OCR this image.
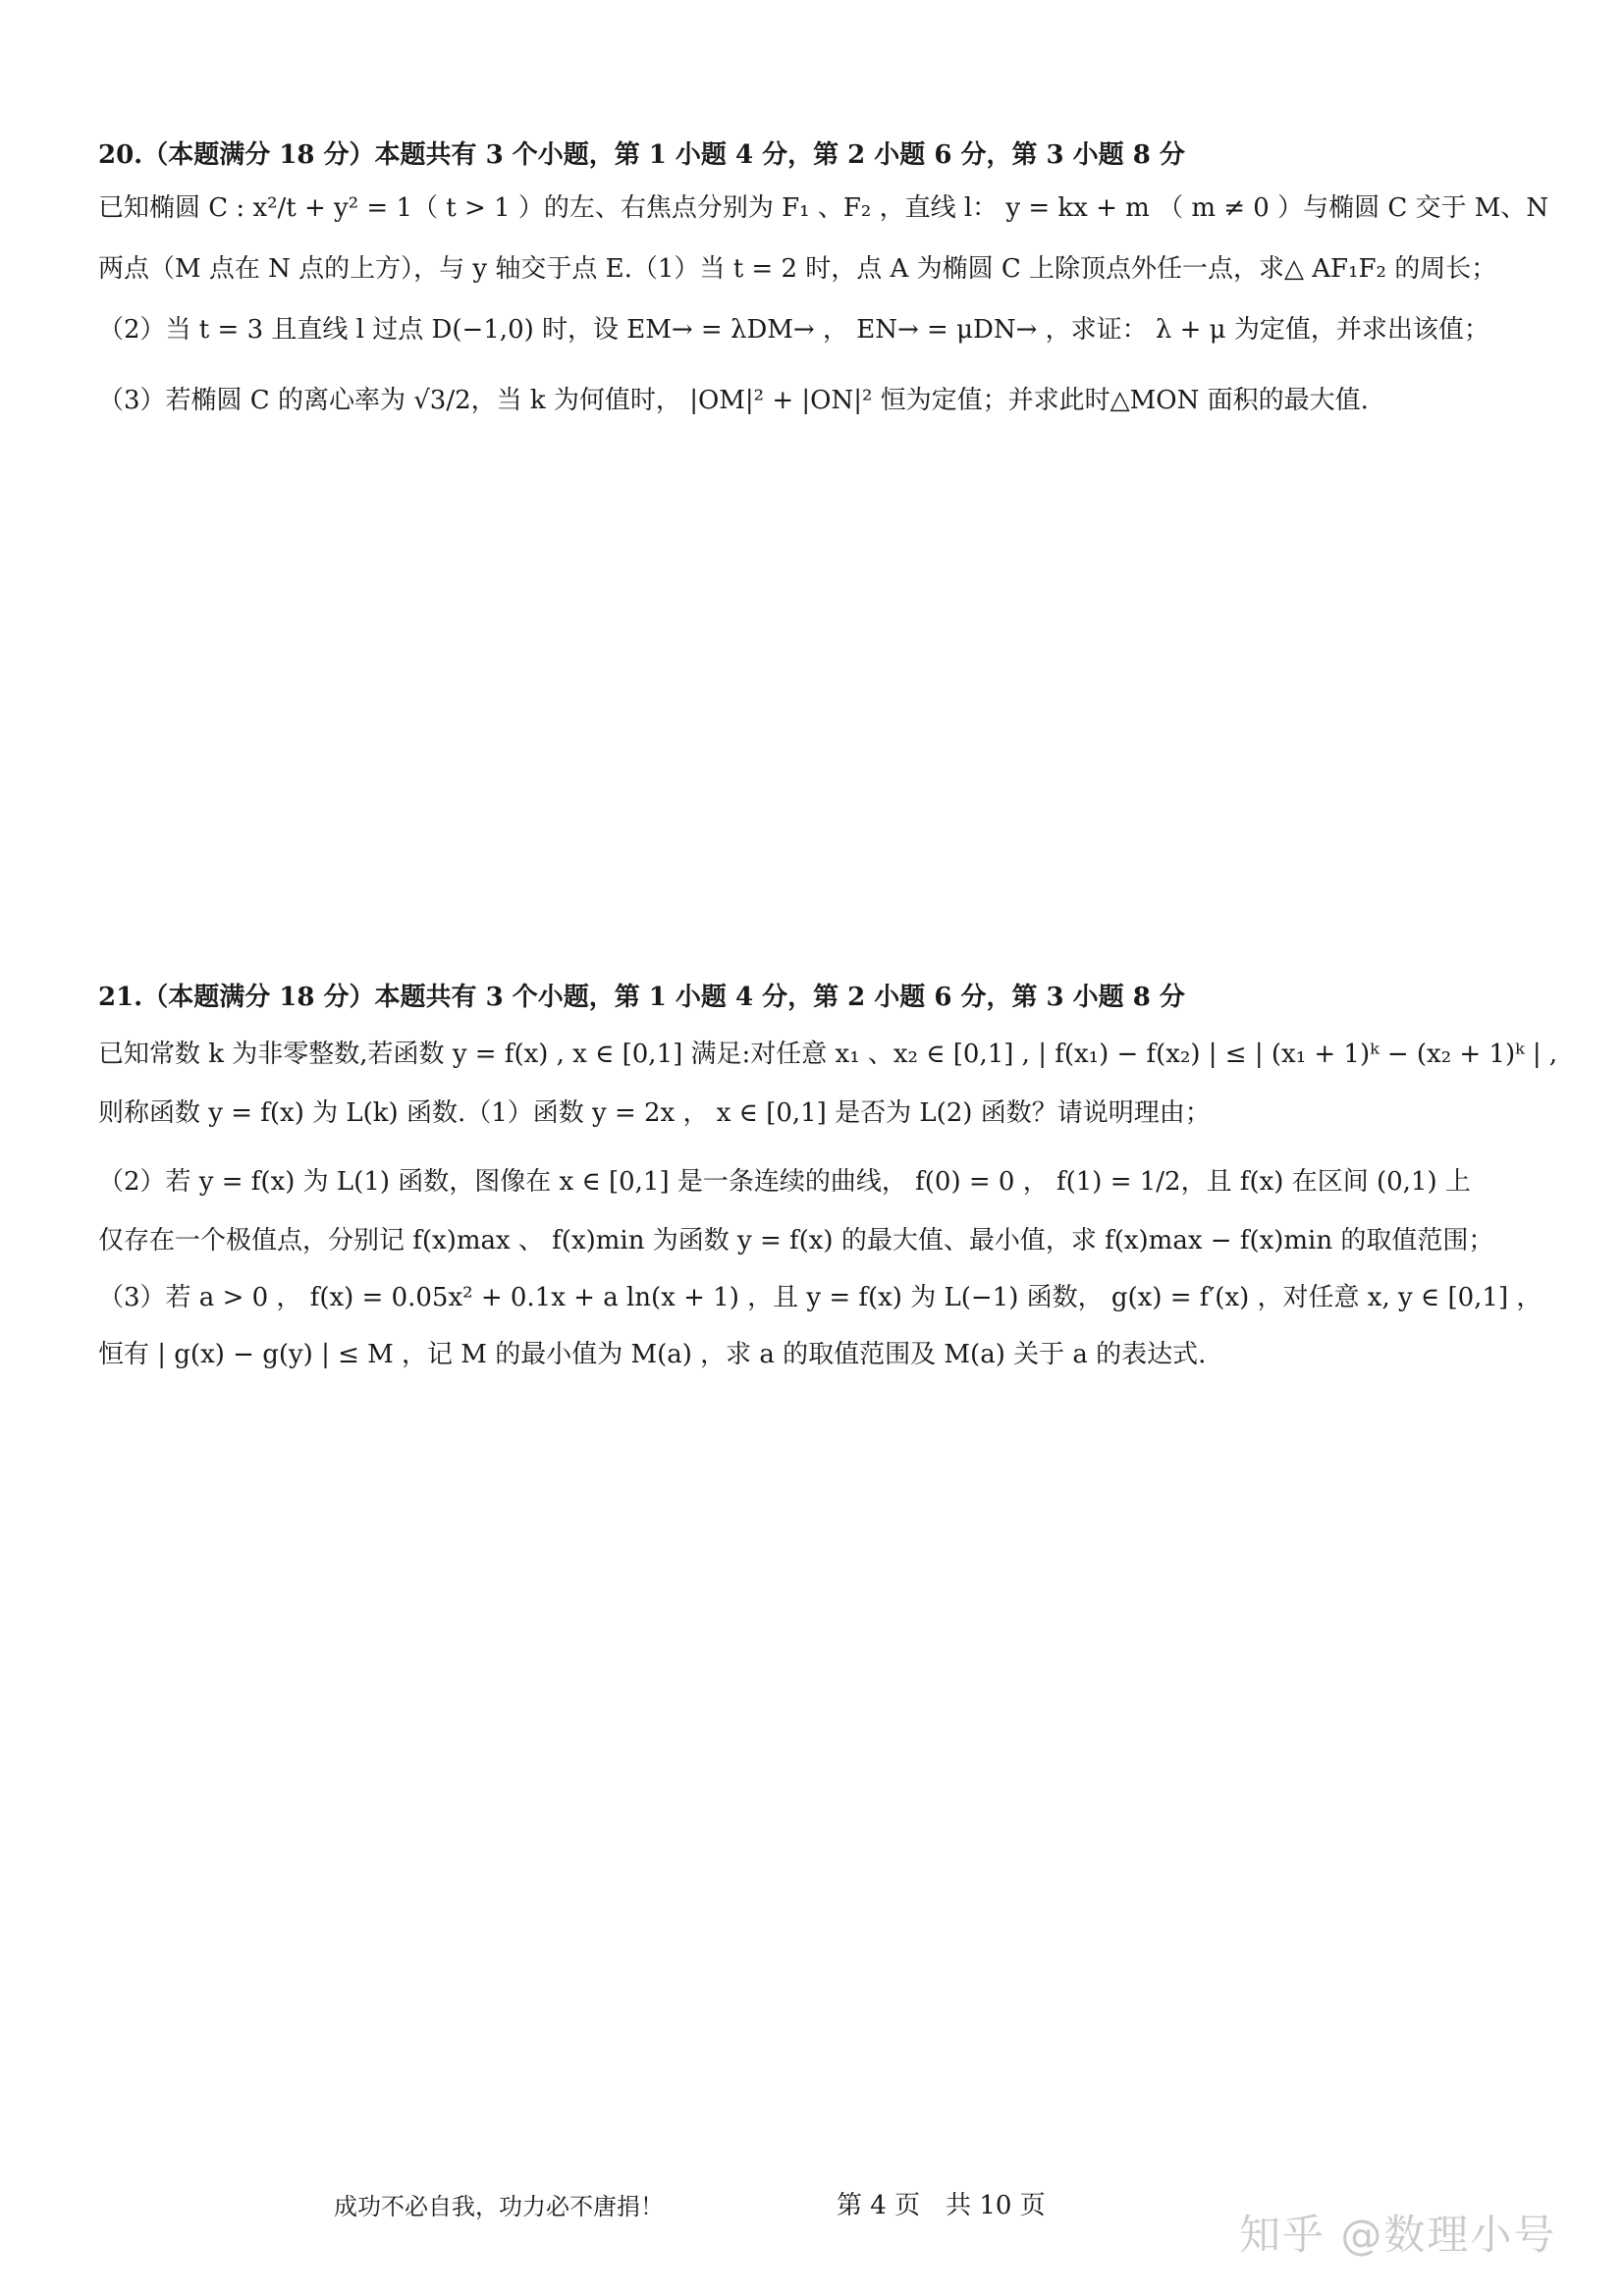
20.（本题满分 18 分）本题共有 3 个小题，第 1 小题 4 分，第 2 小题 6 分，第 3 小题 8 分

已知椭圆 C : x²/t + y² = 1（ t > 1 ）的左、右焦点分别为 F₁ 、F₂ ，直线 l： y = kx + m （ m ≠ 0 ）与椭圆 C 交于 M、N

两点（M 点在 N 点的上方），与 y 轴交于点 E.（1）当 t = 2 时，点 A 为椭圆 C 上除顶点外任一点，求△ AF₁F₂ 的周长；

（2）当 t = 3 且直线 l 过点 D(−1,0) 时，设 EM→ = λDM→ ， EN→ = μDN→ ，求证： λ + μ 为定值，并求出该值；

（3）若椭圆 C 的离心率为 √3/2，当 k 为何值时， |OM|² + |ON|² 恒为定值；并求此时△MON 面积的最大值.

21.（本题满分 18 分）本题共有 3 个小题，第 1 小题 4 分，第 2 小题 6 分，第 3 小题 8 分

已知常数 k 为非零整数,若函数 y = f(x) , x ∈ [0,1] 满足:对任意 x₁ 、x₂ ∈ [0,1] , | f(x₁) − f(x₂) | ≤ | (x₁ + 1)ᵏ − (x₂ + 1)ᵏ | ,

则称函数 y = f(x) 为 L(k) 函数.（1）函数 y = 2x ， x ∈ [0,1] 是否为 L(2) 函数？请说明理由；

（2）若 y = f(x) 为 L(1) 函数，图像在 x ∈ [0,1] 是一条连续的曲线， f(0) = 0 ， f(1) = 1/2，且 f(x) 在区间 (0,1) 上

仅存在一个极值点，分别记 f(x)max 、 f(x)min 为函数 y = f(x) 的最大值、最小值，求 f(x)max − f(x)min 的取值范围；

（3）若 a > 0 ， f(x) = 0.05x² + 0.1x + a ln(x + 1) ，且 y = f(x) 为 L(−1) 函数， g(x) = f′(x) ，对任意 x, y ∈ [0,1] ，

恒有 | g(x) − g(y) | ≤ M ，记 M 的最小值为 M(a) ，求 a 的取值范围及 M(a) 关于 a 的表达式.

成功不必自我，功力必不唐捐！	第 4 页　共 10 页
知乎 @数理小号
